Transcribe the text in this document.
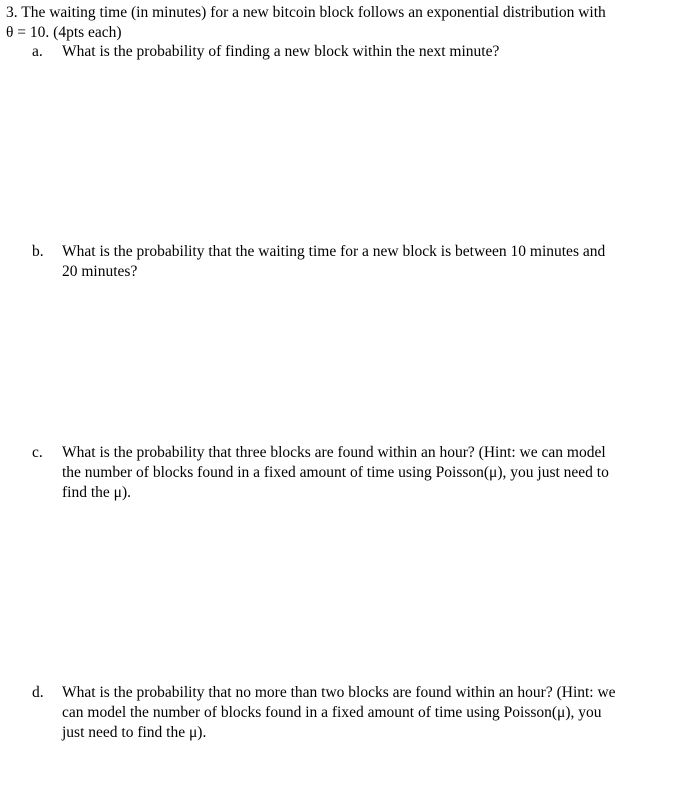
3. The waiting time (in minutes) for a new bitcoin block follows an exponential distribution with
θ = 10. (4pts each)
a.	What is the probability of finding a new block within the next minute?
b.	What is the probability that the waiting time for a new block is between 10 minutes and
20 minutes?
c.	What is the probability that three blocks are found within an hour? (Hint: we can model
the number of blocks found in a fixed amount of time using Poisson(μ), you just need to
find the μ).
d.	What is the probability that no more than two blocks are found within an hour? (Hint: we
can model the number of blocks found in a fixed amount of time using Poisson(μ), you
just need to find the μ).
